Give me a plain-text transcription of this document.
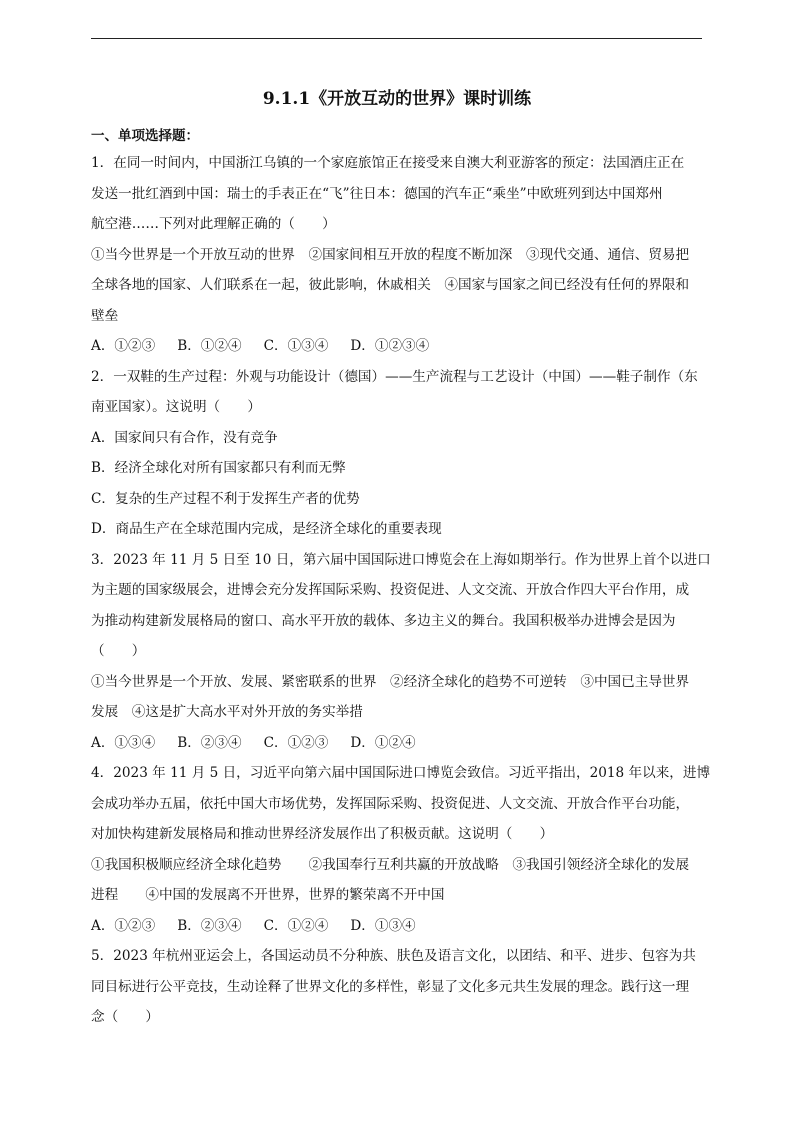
9.1.1《开放互动的世界》课时训练
一、单项选择题：

1．在同一时间内，中国浙江乌镇的一个家庭旅馆正在接受来自澳大利亚游客的预定：法国酒庄正在

发送一批红酒到中国：瑞士的手表正在“飞”往日本：德国的汽车正“乘坐”中欧班列到达中国郑州

航空港……下列对此理解正确的（　　）

①当今世界是一个开放互动的世界　②国家间相互开放的程度不断加深　③现代交通、通信、贸易把

全球各地的国家、人们联系在一起，彼此影响，休戚相关　④国家与国家之间已经没有任何的界限和

壁垒

A．①②③ B．①②④ C．①③④ D．①②③④

2．一双鞋的生产过程：外观与功能设计（德国）——生产流程与工艺设计（中国）——鞋子制作（东

南亚国家）。这说明（　　）

A．国家间只有合作，没有竞争

B．经济全球化对所有国家都只有利而无弊

C．复杂的生产过程不利于发挥生产者的优势

D．商品生产在全球范围内完成，是经济全球化的重要表现

3．2023 年 11 月 5 日至 10 日，第六届中国国际进口博览会在上海如期举行。作为世界上首个以进口

为主题的国家级展会，进博会充分发挥国际采购、投资促进、人文交流、开放合作四大平台作用，成

为推动构建新发展格局的窗口、高水平开放的载体、多边主义的舞台。我国积极举办进博会是因为

（　　）

①当今世界是一个开放、发展、紧密联系的世界　②经济全球化的趋势不可逆转　③中国已主导世界

发展　④这是扩大高水平对外开放的务实举措

A．①③④ B．②③④ C．①②③ D．①②④

4．2023 年 11 月 5 日，习近平向第六届中国国际进口博览会致信。习近平指出，2018 年以来，进博

会成功举办五届，依托中国大市场优势，发挥国际采购、投资促进、人文交流、开放合作平台功能，

对加快构建新发展格局和推动世界经济发展作出了积极贡献。这说明（　　）

①我国积极顺应经济全球化趋势　　②我国奉行互利共赢的开放战略　③我国引领经济全球化的发展

进程　　④中国的发展离不开世界，世界的繁荣离不开中国

A．①②③ B．②③④ C．①②④ D．①③④

5．2023 年杭州亚运会上，各国运动员不分种族、肤色及语言文化，以团结、和平、进步、包容为共

同目标进行公平竞技，生动诠释了世界文化的多样性，彰显了文化多元共生发展的理念。践行这一理

念（　　）
